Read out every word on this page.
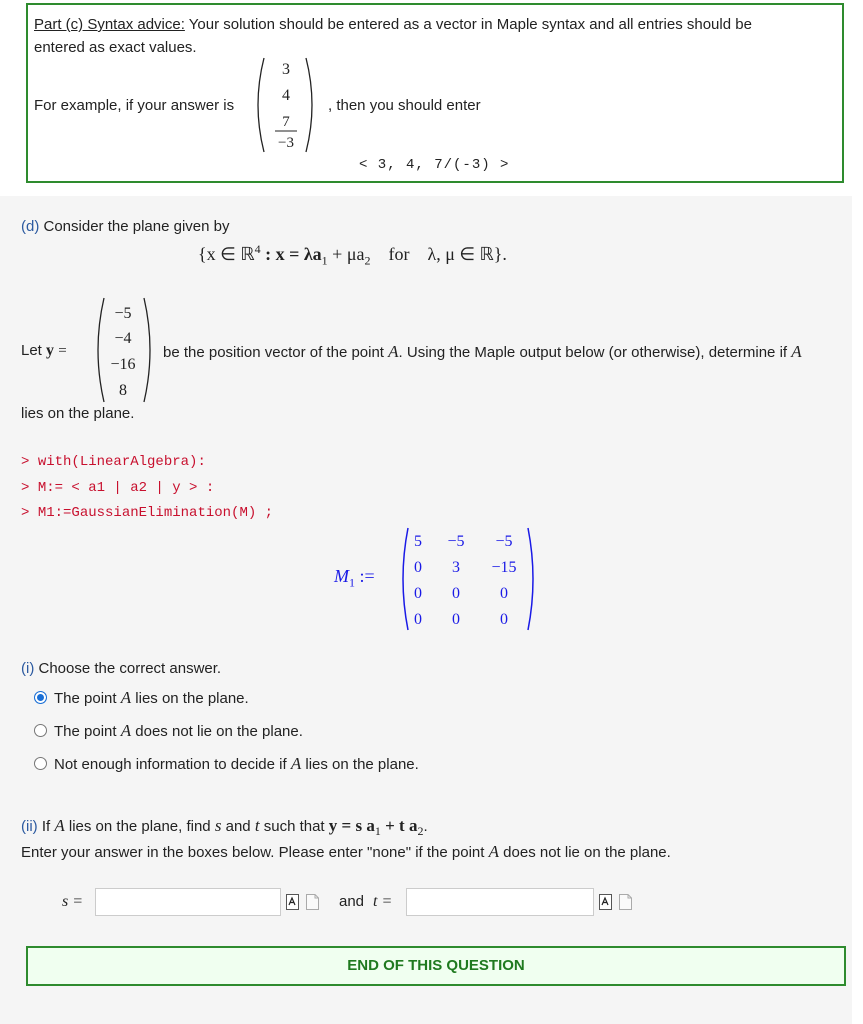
Part (c) Syntax advice: Your solution should be entered as a vector in Maple syntax and all entries should be
entered as exact values.
For example, if your answer is
3
4
7
−3
, then you should enter
< 3, 4, 7/(-3) >
(d) Consider the plane given by
{x ∈ ℝ$^4$ : $x = \lambda a_1 + \mu a_2$ for λ, μ ∈ ℝ}.
Let y =
−5
−4
−16
8
be the position vector of the point A. Using the Maple output below (or otherwise), determine if A
lies on the plane.
> with(LinearAlgebra):
> M:= < a1 | a2 | y > :
> M1:=GaussianElimination(M) ;
$M_1$ :=
5 −5 −5
0 3 −15
0 0	0
0 0	0
(i) Choose the correct answer.
The point A lies on the plane.
The point A does not lie on the plane.
Not enough information to decide if A lies on the plane.
(ii) If A lies on the plane, find s and t such that y = s $a_1 + t$ $a_2$.
Enter your answer in the boxes below. Please enter "none" if the point A does not lie on the plane.
s =	and t =
END OF THIS QUESTION
